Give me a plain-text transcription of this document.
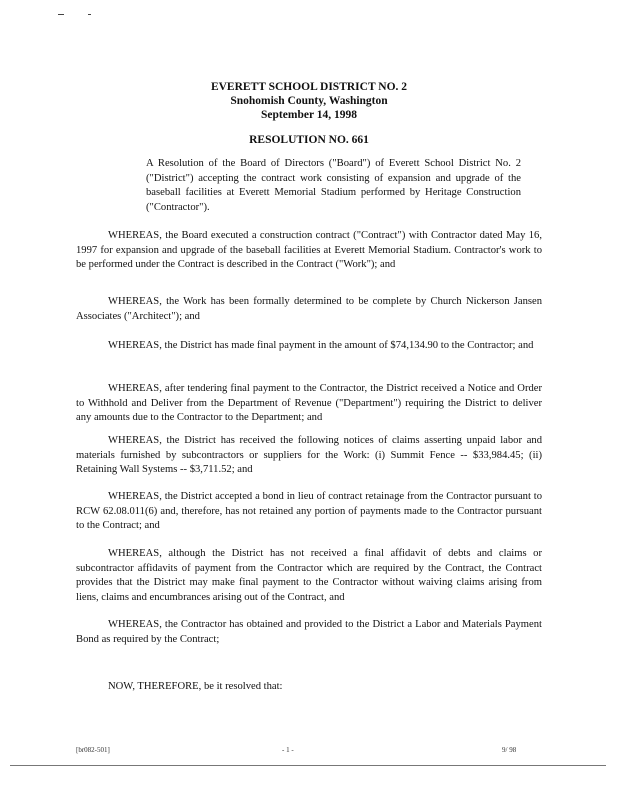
EVERETT SCHOOL DISTRICT NO. 2
Snohomish County, Washington
September 14, 1998
RESOLUTION NO. 661
A Resolution of the Board of Directors ("Board") of Everett School District No. 2 ("District") accepting the contract work consisting of expansion and upgrade of the baseball facilities at Everett Memorial Stadium performed by Heritage Construction ("Contractor").
WHEREAS, the Board executed a construction contract ("Contract") with Contractor dated May 16, 1997 for expansion and upgrade of the baseball facilities at Everett Memorial Stadium. Contractor's work to be performed under the Contract is described in the Contract ("Work"); and
WHEREAS, the Work has been formally determined to be complete by Church Nickerson Jansen Associates ("Architect"); and
WHEREAS, the District has made final payment in the amount of $74,134.90 to the Contractor; and
WHEREAS, after tendering final payment to the Contractor, the District received a Notice and Order to Withhold and Deliver from the Department of Revenue ("Department") requiring the District to deliver any amounts due to the Contractor to the Department; and
WHEREAS, the District has received the following notices of claims asserting unpaid labor and materials furnished by subcontractors or suppliers for the Work: (i) Summit Fence -- $33,984.45; (ii) Retaining Wall Systems -- $3,711.52; and
WHEREAS, the District accepted a bond in lieu of contract retainage from the Contractor pursuant to RCW 62.08.011(6) and, therefore, has not retained any portion of payments made to the Contractor pursuant to the Contract; and
WHEREAS, although the District has not received a final affidavit of debts and claims or subcontractor affidavits of payment from the Contractor which are required by the Contract, the Contract provides that the District may make final payment to the Contractor without waiving claims arising from liens, claims and encumbrances arising out of the Contract, and
WHEREAS, the Contractor has obtained and provided to the District a Labor and Materials Payment Bond as required by the Contract;
NOW, THEREFORE, be it resolved that:
[br082-501]	- 1 -	9/ 98
